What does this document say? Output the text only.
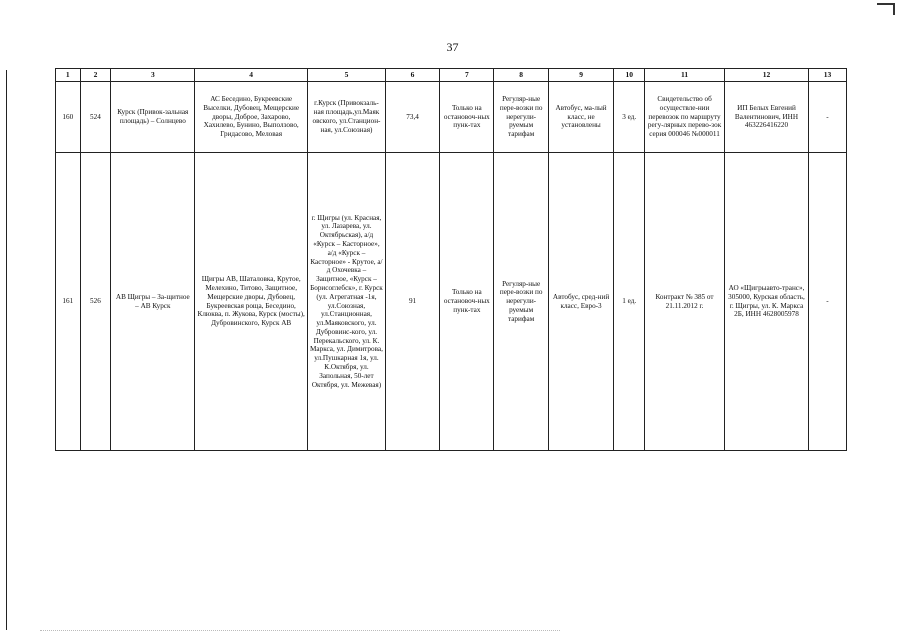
37
1	2	3	4	5	6	7	8	9	10	11	12	13
160	524	Курск (Привок-зальная площадь) – Солнцево	АС Беседино, Букреевские Выселки, Дубовец, Мещерские дворы, Доброе, Захарово, Хахилево, Бунино, Выползово, Гридасово, Меловая	г.Курск (Привокзаль-ная площадь,ул.Маяк овского, ул.Станцион-ная, ул.Союзная)	73,4	Только на остановоч-ных пунк-тах	Регуляр-ные пере-возки по нерегули-руемым тарифам	Автобус, ма-лый класс, не установлены	3 ед.	Свидетельство об осуществле-нии перевозок по маршруту регу-лярных перево-зок серия 000046 №000011	ИП Белых Евгений Валентинович, ИНН 463226416220	-
161	526	АВ Щигры – За-щитное – АВ Курск	Щигры АВ, Шаталовка, Крутое, Мелехино, Титово, Защитное, Мещерские дворы, Дубовец, Букреевская роща, Беседино, Клюква, п. Жукова, Курск (мосты), Дубровинского, Курск АВ	г. Щигры (ул. Красная, ул. Лазарева, ул. Октябрьская), а/д «Курск – Касторное», а/д «Курск – Касторное» - Крутое, а/д Охочевка – Защитное, «Курск – Борисоглебск», г. Курск (ул. Агрегатная -1я, ул.Союзная, ул.Станционная, ул.Маяковского, ул. Дубровинс-кого, ул. Перекальского, ул. К. Маркса, ул. Димитрова, ул.Пушкарная 1я, ул. К.Октября, ул. Запольная, 50-лет Октября, ул. Межевая)	91	Только на остановоч-ных пунк-тах	Регуляр-ные пере-возки по нерегули-руемым тарифам	Автобус, сред-ний класс, Евро-3	1 ед.	Контракт № 385 от 21.11.2012 г.	АО «Щигрыавто-транс», 305000, Курская область, г. Щигры, ул. К. Маркса 2Б, ИНН 4628005978	-
